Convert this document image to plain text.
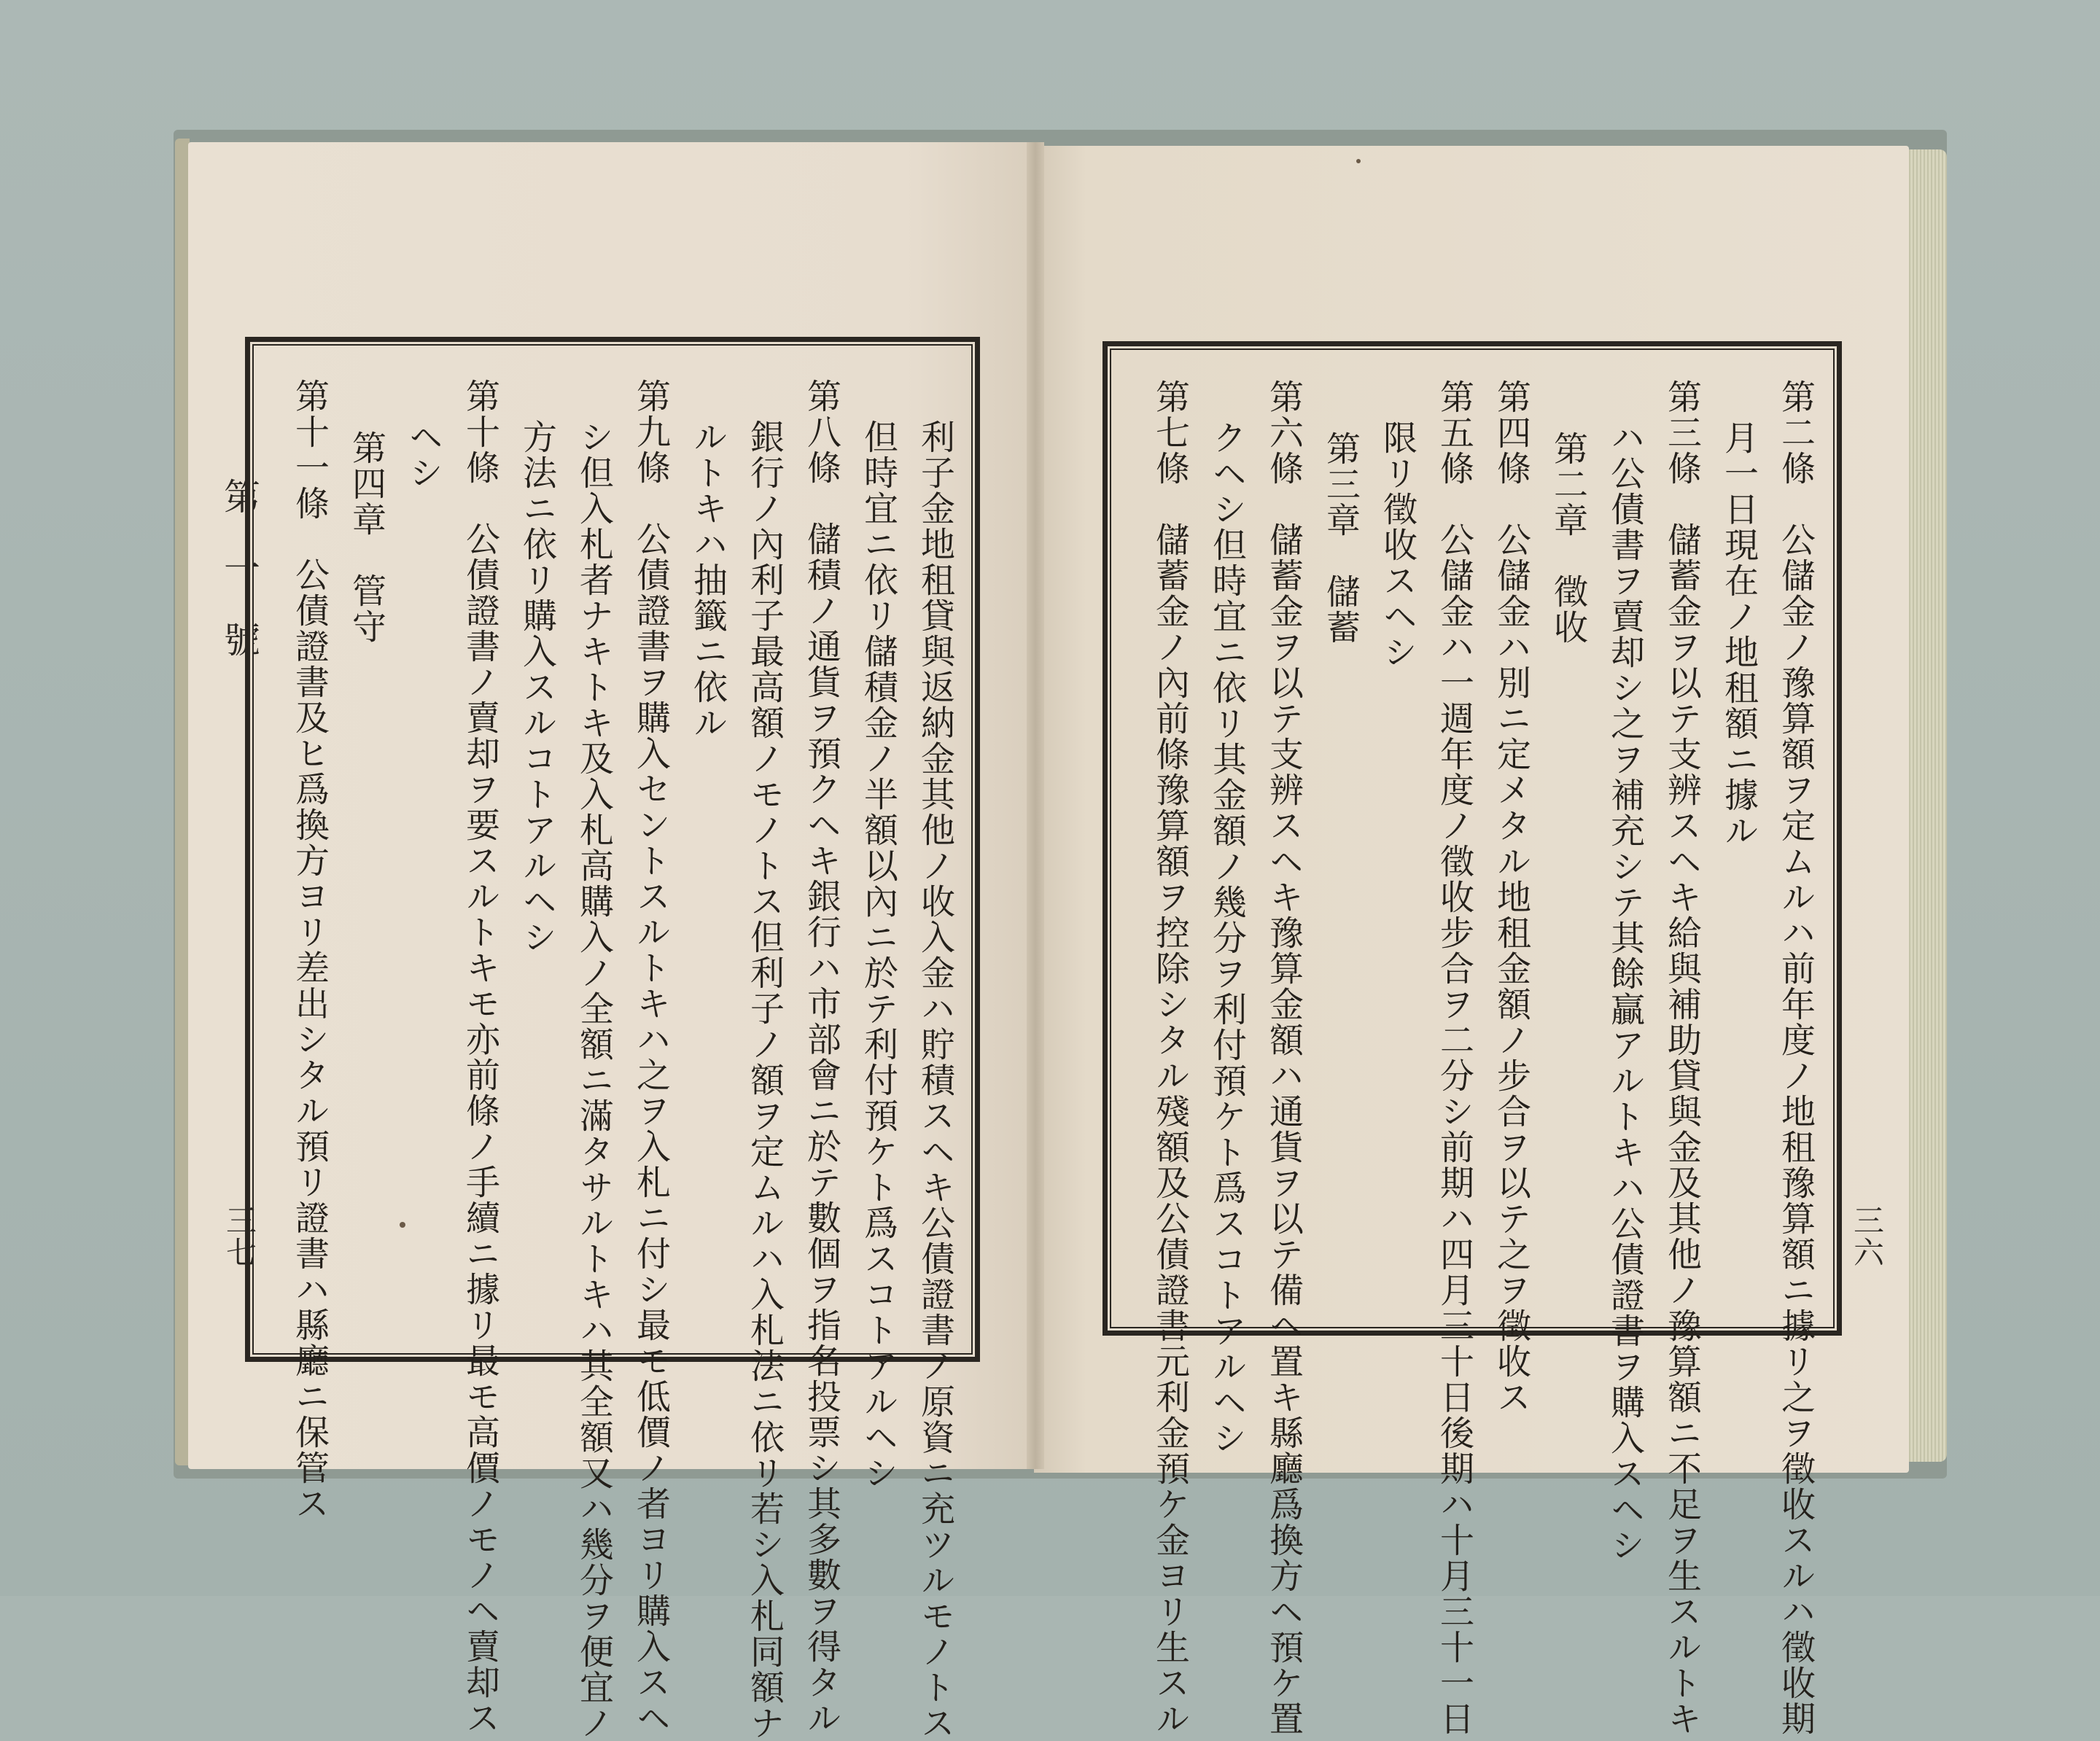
第一號	利子金地租貸與返納金其他ノ收入金ハ貯積スヘキ公債證書ノ原資ニ充ツルモノトス
但時宜ニ依リ儲積金ノ半額以內ニ於テ利付預ケト爲スコトアルヘシ
第八條　儲積ノ通貨ヲ預クヘキ銀行ハ市部會ニ於テ數個ヲ指名投票シ其多數ヲ得タル
銀行ノ內利子最高額ノモノトス但利子ノ額ヲ定ムルハ入札法ニ依リ若シ入札同額ナ
ルトキハ抽籤ニ依ル
第九條　公債證書ヲ購入セントスルトキハ之ヲ入札ニ付シ最モ低價ノ者ヨリ購入スヘ
シ但入札者ナキトキ及入札高購入ノ全額ニ滿タサルトキハ其全額又ハ幾分ヲ便宜ノ
方法ニ依リ購入スルコトアルヘシ
第十條　公債證書ノ賣却ヲ要スルトキモ亦前條ノ手續ニ據リ最モ高價ノモノヘ賣却ス
ヘシ
第四章　管守
第十一條　公債證書及ヒ爲換方ヨリ差出シタル預リ證書ハ縣廳ニ保管ス
三七	第二條　公儲金ノ豫算額ヲ定ムルハ前年度ノ地租豫算額ニ據リ之ヲ徵收スルハ徵收期
月一日現在ノ地租額ニ據ル
第三條　儲蓄金ヲ以テ支辨スヘキ給與補助貸與金及其他ノ豫算額ニ不足ヲ生スルトキ
ハ公債書ヲ賣却シ之ヲ補充シテ其餘贏アルトキハ公債證書ヲ購入スヘシ
第二章　徵收
第四條　公儲金ハ別ニ定メタル地租金額ノ步合ヲ以テ之ヲ徵收ス
第五條　公儲金ハ一週年度ノ徵收步合ヲ二分シ前期ハ四月三十日後期ハ十月三十一日
限リ徵收スヘシ
第三章　儲蓄
第六條　儲蓄金ヲ以テ支辨スヘキ豫算金額ハ通貨ヲ以テ備ヘ置キ縣廳爲換方ヘ預ケ置
クヘシ但時宜ニ依リ其金額ノ幾分ヲ利付預ケト爲スコトアルヘシ
第七條　儲蓄金ノ內前條豫算額ヲ控除シタル殘額及公債證書元利金預ケ金ヨリ生スル	三六
